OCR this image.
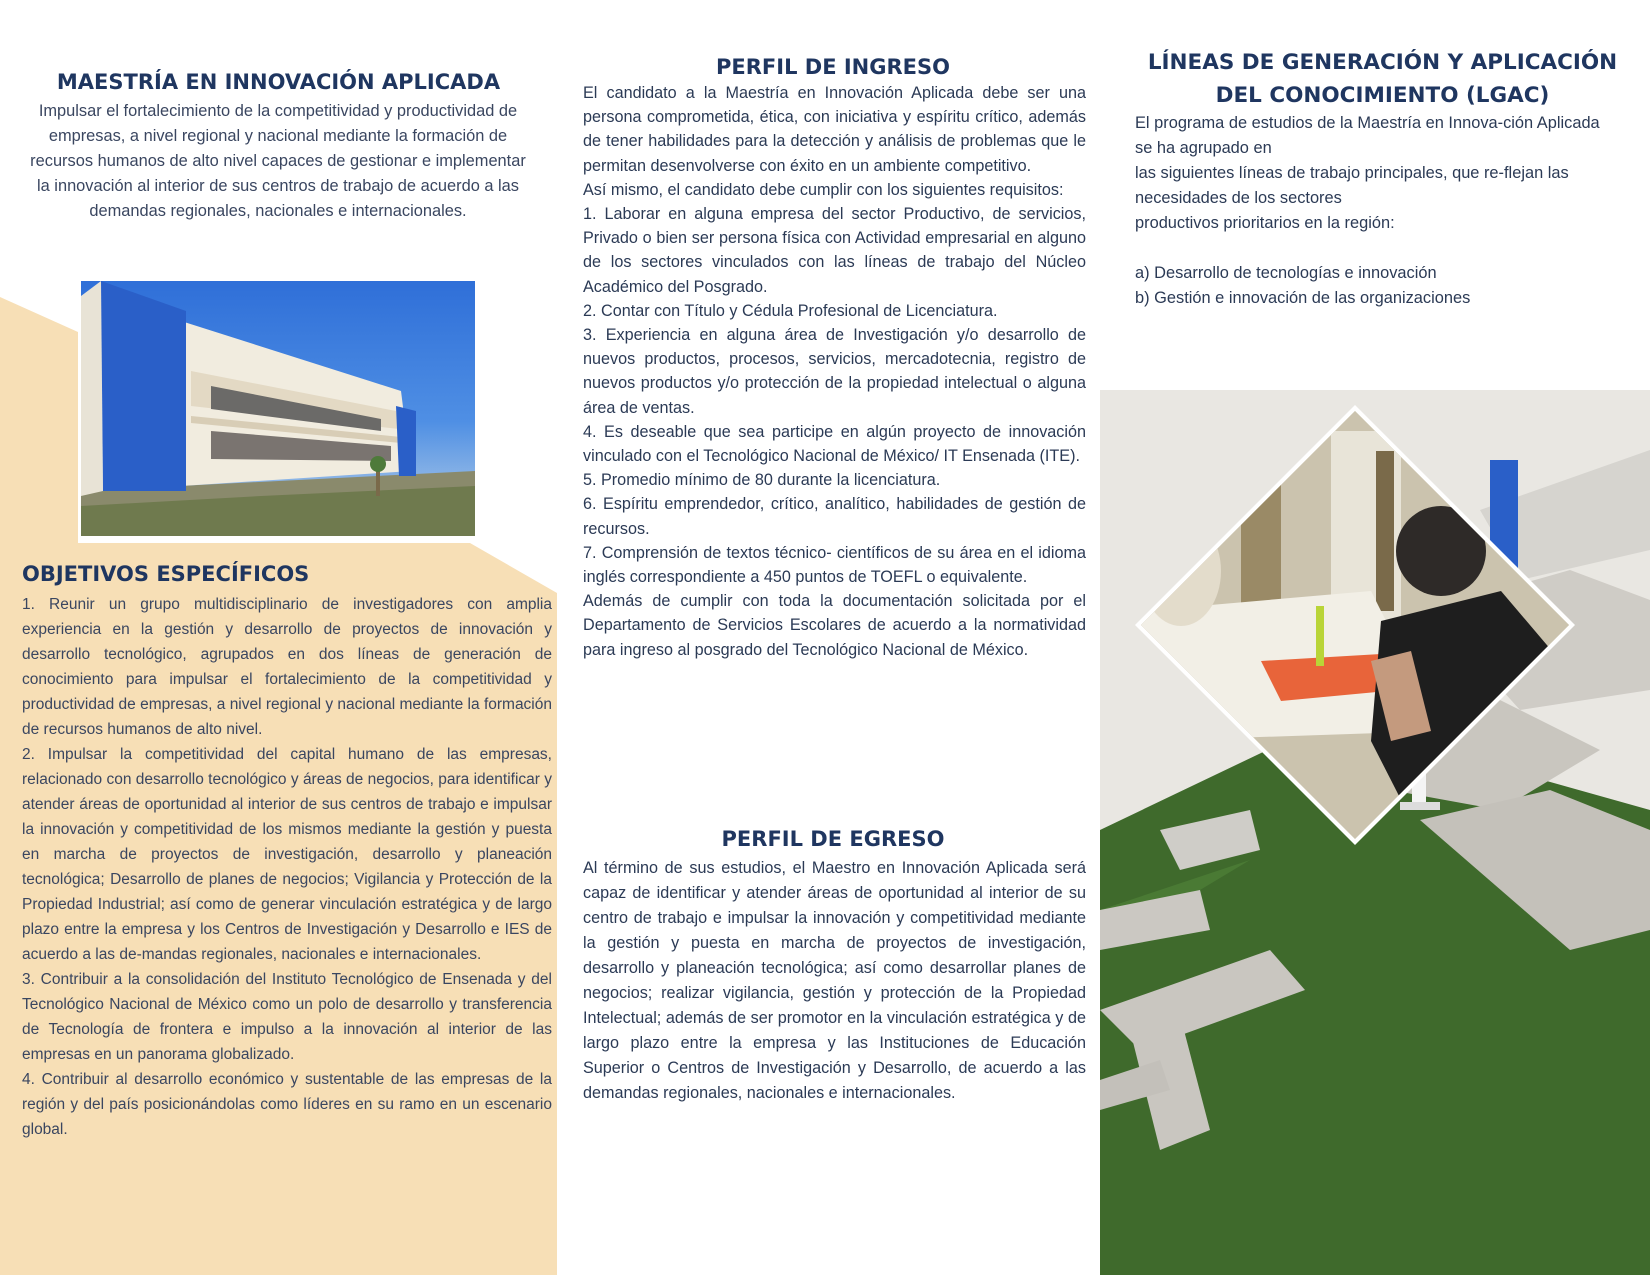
MAESTRÍA EN INNOVACIÓN APLICADA

Impulsar el fortalecimiento de la competitividad y productividad de empresas, a nivel regional y nacional mediante la formación de recursos humanos de alto nivel capaces de gestionar e implementar la innovación al interior de sus centros de trabajo de acuerdo a las demandas regionales, nacionales e internacionales.

OBJETIVOS ESPECÍFICOS

1. Reunir un grupo multidisciplinario de investigadores con amplia experiencia en la gestión y desarrollo de proyectos de innovación y desarrollo tecnológico, agrupados en dos líneas de generación de conocimiento para impulsar el fortalecimiento de la competitividad y productividad de empresas, a nivel regional y nacional mediante la formación de recursos humanos de alto nivel.

2. Impulsar la competitividad del capital humano de las empresas, relacionado con desarrollo tecnológico y áreas de negocios, para identificar y atender áreas de oportunidad al interior de sus centros de trabajo e impulsar la innovación y competitividad de los mismos mediante la gestión y puesta en marcha de proyectos de investigación, desarrollo y planeación tecnológica; Desarrollo de planes de negocios; Vigilancia y Protección de la Propiedad Industrial; así como de generar vinculación estratégica y de largo plazo entre la empresa y los Centros de Investigación y Desarrollo e IES de acuerdo a las de-mandas regionales, nacionales e internacionales.

3. Contribuir a la consolidación del Instituto Tecnológico de Ensenada y del Tecnológico Nacional de México como un polo de desarrollo y transferencia de Tecnología de frontera e impulso a la innovación al interior de las empresas en un panorama globalizado.

4. Contribuir al desarrollo económico y sustentable de las empresas de la región y del país posicionándolas como líderes en su ramo en un escenario global.

PERFIL DE INGRESO

El candidato a la Maestría en Innovación Aplicada debe ser una persona comprometida, ética, con iniciativa y espíritu crítico, además de tener habilidades para la detección y análisis de problemas que le permitan desenvolverse con éxito en un ambiente competitivo.

Así mismo, el candidato debe cumplir con los siguientes requisitos:

1. Laborar en alguna empresa del sector Productivo, de servicios, Privado o bien ser persona física con Actividad empresarial en alguno de los sectores vinculados con las líneas de trabajo del Núcleo Académico del Posgrado.

2. Contar con Título y Cédula Profesional de Licenciatura.

3. Experiencia en alguna área de Investigación y/o desarrollo de nuevos productos, procesos, servicios, mercadotecnia, registro de nuevos productos y/o protección de la propiedad intelectual o alguna área de ventas.

4. Es deseable que sea participe en algún proyecto de innovación vinculado con el Tecnológico Nacional de México/ IT Ensenada (ITE).

5. Promedio mínimo de 80 durante la licenciatura.

6. Espíritu emprendedor, crítico, analítico, habilidades de gestión de recursos.

7. Comprensión de textos técnico- científicos de su área en el idioma inglés correspondiente a 450 puntos de TOEFL o equivalente.

Además de cumplir con toda la documentación solicitada por el Departamento de Servicios Escolares de acuerdo a la normatividad para ingreso al posgrado del Tecnológico Nacional de México.

PERFIL DE EGRESO

Al término de sus estudios, el Maestro en Innovación Aplicada será capaz de identificar y atender áreas de oportunidad al interior de su centro de trabajo e impulsar la innovación y competitividad mediante la gestión y puesta en marcha de proyectos de investigación, desarrollo y planeación tecnológica; así como desarrollar planes de negocios; realizar vigilancia, gestión y protección de la Propiedad Intelectual; además de ser promotor en la vinculación estratégica y de largo plazo entre la empresa y las Instituciones de Educación Superior o Centros de Investigación y Desarrollo, de acuerdo a las demandas regionales, nacionales e internacionales.

LÍNEAS DE GENERACIÓN Y APLICACIÓN DEL CONOCIMIENTO (LGAC)

El programa de estudios de la Maestría en Innova-ción Aplicada se ha agrupado en

las siguientes líneas de trabajo principales, que re-flejan las necesidades de los sectores

productivos prioritarios en la región:

a) Desarrollo de tecnologías e innovación

b) Gestión e innovación de las organizaciones
